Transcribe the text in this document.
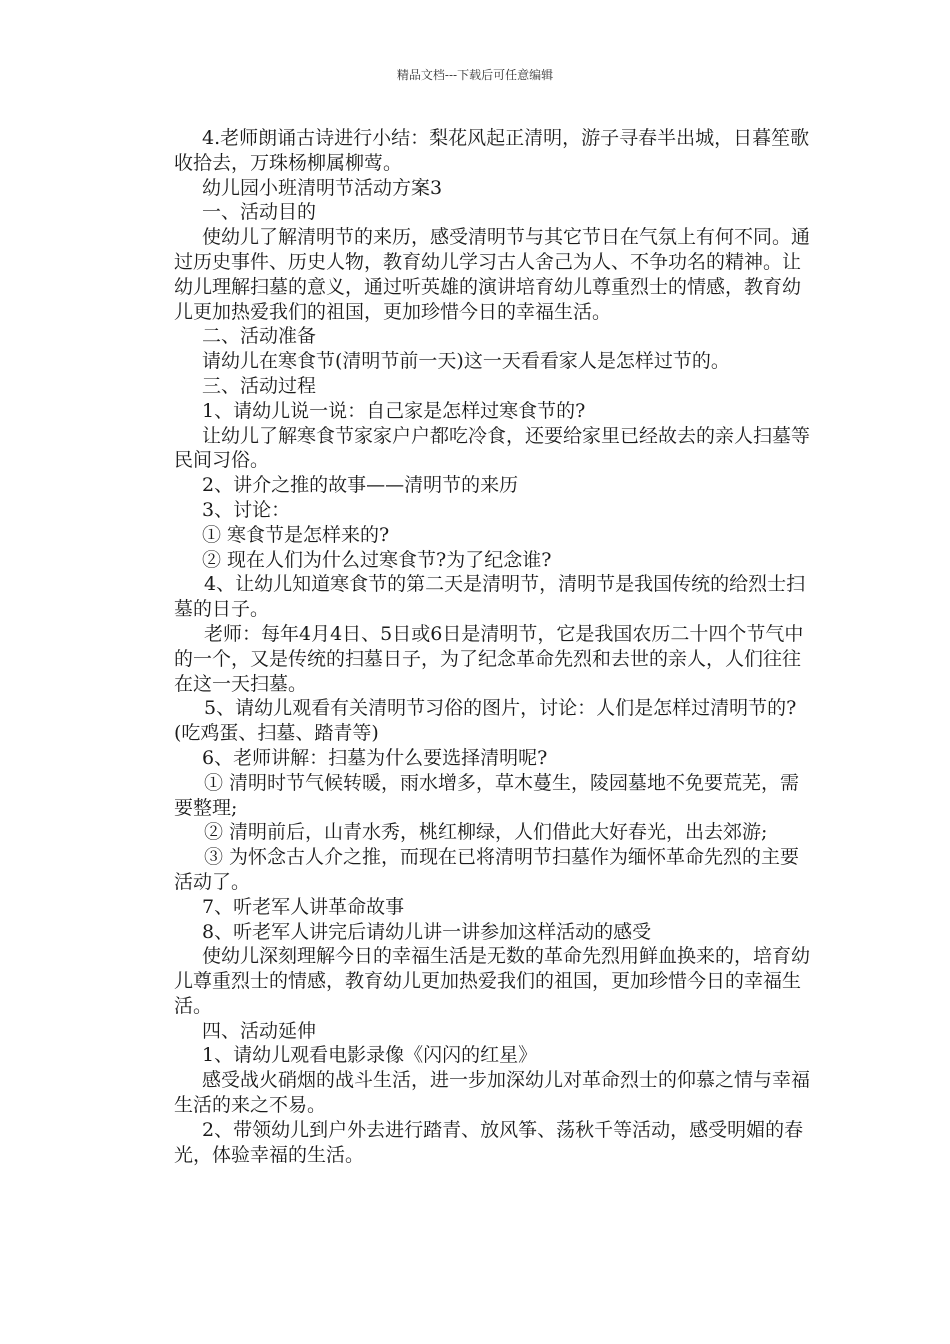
精品文档---下载后可任意编辑

4.老师朗诵古诗进行小结：梨花风起正清明，游子寻春半出城，日暮笙歌收拾去，万珠杨柳属柳莺。

幼儿园小班清明节活动方案3

一、活动目的

使幼儿了解清明节的来历，感受清明节与其它节日在气氛上有何不同。通过历史事件、历史人物，教育幼儿学习古人舍己为人、不争功名的精神。让幼儿理解扫墓的意义，通过听英雄的演讲培育幼儿尊重烈士的情感，教育幼儿更加热爱我们的祖国，更加珍惜今日的幸福生活。

二、活动准备

请幼儿在寒食节(清明节前一天)这一天看看家人是怎样过节的。

三、活动过程

1、请幼儿说一说：自己家是怎样过寒食节的?

让幼儿了解寒食节家家户户都吃冷食，还要给家里已经故去的亲人扫墓等民间习俗。

2、讲介之推的故事——清明节的来历

3、讨论：

① 寒食节是怎样来的?

② 现在人们为什么过寒食节?为了纪念谁?

4、让幼儿知道寒食节的第二天是清明节，清明节是我国传统的给烈士扫墓的日子。

老师：每年4月4日、5日或6日是清明节，它是我国农历二十四个节气中的一个，又是传统的扫墓日子，为了纪念革命先烈和去世的亲人，人们往往在这一天扫墓。

5、请幼儿观看有关清明节习俗的图片，讨论：人们是怎样过清明节的?(吃鸡蛋、扫墓、踏青等)

6、老师讲解：扫墓为什么要选择清明呢?

① 清明时节气候转暖，雨水增多，草木蔓生，陵园墓地不免要荒芜，需要整理;

② 清明前后，山青水秀，桃红柳绿，人们借此大好春光，出去郊游;

③ 为怀念古人介之推，而现在已将清明节扫墓作为缅怀革命先烈的主要活动了。

7、听老军人讲革命故事

8、听老军人讲完后请幼儿讲一讲参加这样活动的感受

使幼儿深刻理解今日的幸福生活是无数的革命先烈用鲜血换来的，培育幼儿尊重烈士的情感，教育幼儿更加热爱我们的祖国，更加珍惜今日的幸福生活。

四、活动延伸

1、请幼儿观看电影录像《闪闪的红星》

感受战火硝烟的战斗生活，进一步加深幼儿对革命烈士的仰慕之情与幸福生活的来之不易。

2、带领幼儿到户外去进行踏青、放风筝、荡秋千等活动，感受明媚的春光，体验幸福的生活。
